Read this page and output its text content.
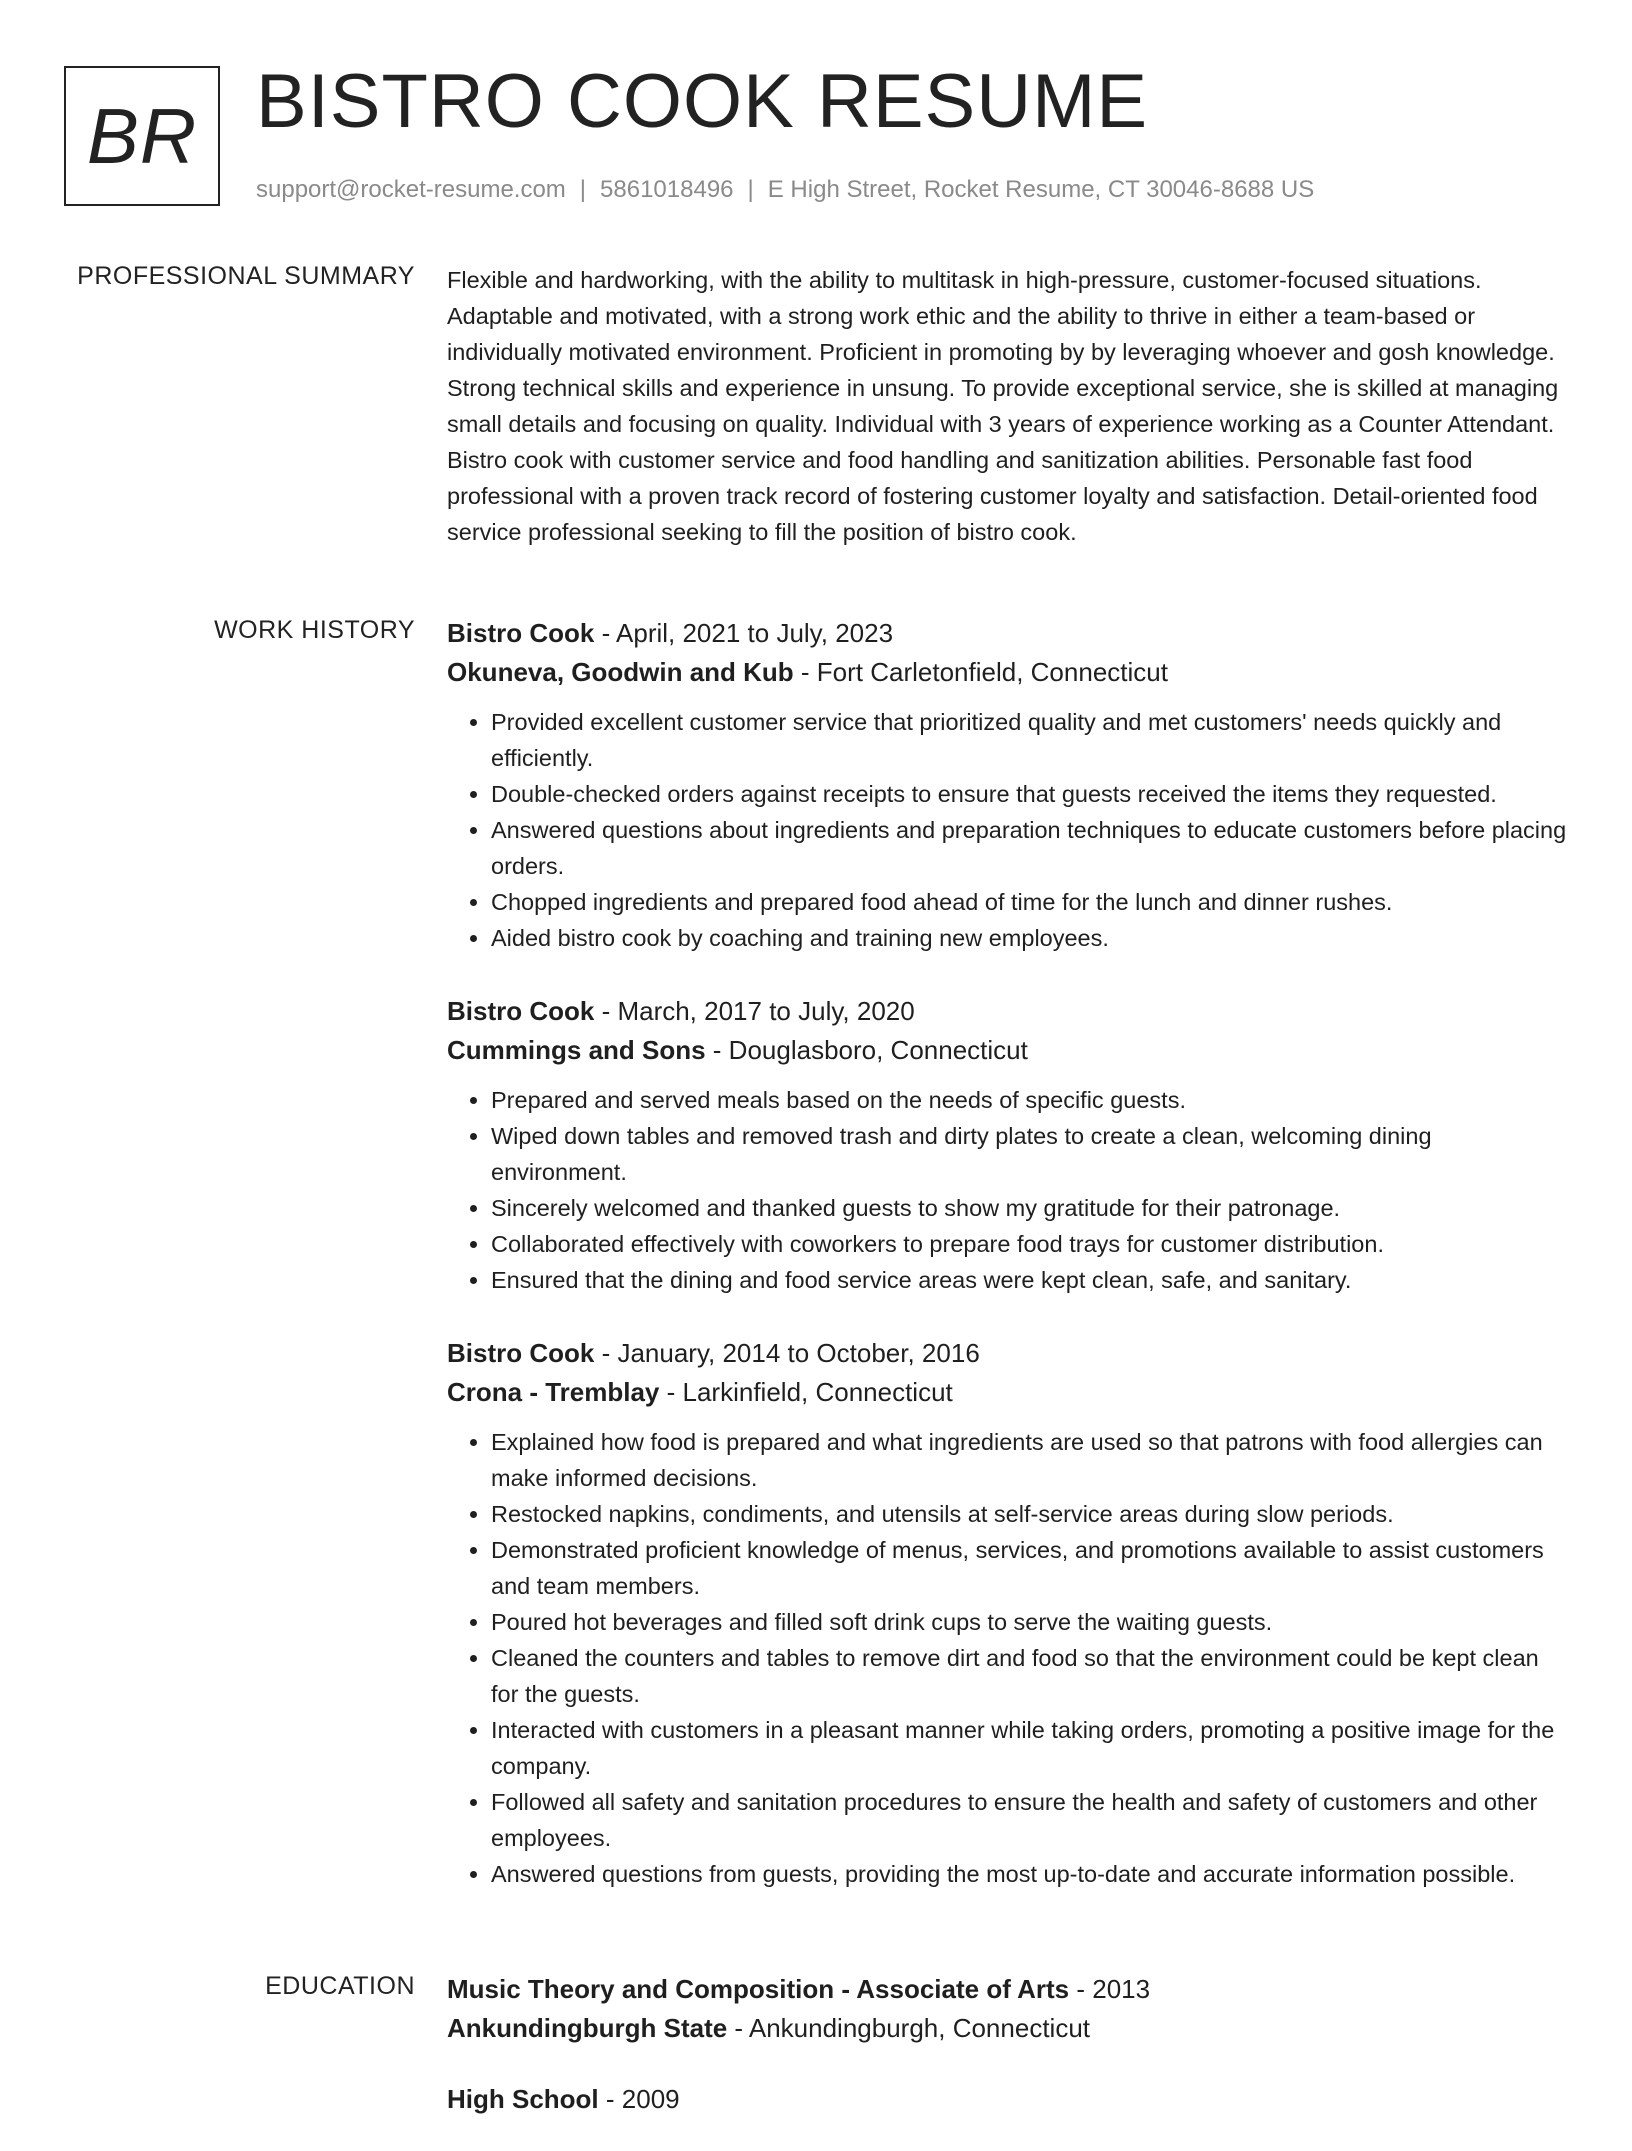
BR BISTRO COOK RESUME
support@rocket-resume.com | 5861018496 | E High Street, Rocket Resume, CT 30046-8688 US
PROFESSIONAL SUMMARY Flexible and hardworking, with the ability to multitask in high-pressure, customer-focused situations. Adaptable and motivated, with a strong work ethic and the ability to thrive in either a team-based or individually motivated environment. Proficient in promoting by by leveraging whoever and gosh knowledge. Strong technical skills and experience in unsung. To provide exceptional service, she is skilled at managing small details and focusing on quality. Individual with 3 years of experience working as a Counter Attendant. Bistro cook with customer service and food handling and sanitization abilities. Personable fast food professional with a proven track record of fostering customer loyalty and satisfaction. Detail-oriented food service professional seeking to fill the position of bistro cook.

WORK HISTORY Bistro Cook - April, 2021 to July, 2023
Okuneva, Goodwin and Kub - Fort Carletonfield, Connecticut
• Provided excellent customer service that prioritized quality and met customers' needs quickly and efficiently.
• Double-checked orders against receipts to ensure that guests received the items they requested.
• Answered questions about ingredients and preparation techniques to educate customers before placing orders.
• Chopped ingredients and prepared food ahead of time for the lunch and dinner rushes.
• Aided bistro cook by coaching and training new employees.
Bistro Cook - March, 2017 to July, 2020
Cummings and Sons - Douglasboro, Connecticut
• Prepared and served meals based on the needs of specific guests.
• Wiped down tables and removed trash and dirty plates to create a clean, welcoming dining environment.
• Sincerely welcomed and thanked guests to show my gratitude for their patronage.
• Collaborated effectively with coworkers to prepare food trays for customer distribution.
• Ensured that the dining and food service areas were kept clean, safe, and sanitary.
Bistro Cook - January, 2014 to October, 2016
Crona - Tremblay - Larkinfield, Connecticut
• Explained how food is prepared and what ingredients are used so that patrons with food allergies can make informed decisions.
• Restocked napkins, condiments, and utensils at self-service areas during slow periods.
• Demonstrated proficient knowledge of menus, services, and promotions available to assist customers and team members.
• Poured hot beverages and filled soft drink cups to serve the waiting guests.
• Cleaned the counters and tables to remove dirt and food so that the environment could be kept clean for the guests.
• Interacted with customers in a pleasant manner while taking orders, promoting a positive image for the company.
• Followed all safety and sanitation procedures to ensure the health and safety of customers and other employees.
• Answered questions from guests, providing the most up-to-date and accurate information possible.
EDUCATION Music Theory and Composition - Associate of Arts - 2013
Ankundingburgh State - Ankundingburgh, Connecticut
High School - 2009
